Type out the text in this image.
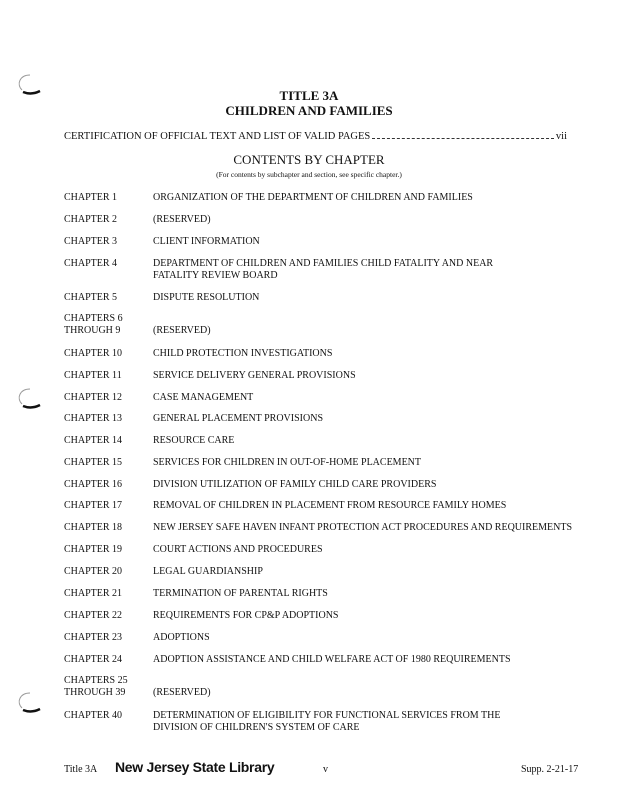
TITLE 3A
CHILDREN AND FAMILIES
CERTIFICATION OF OFFICIAL TEXT AND LIST OF VALID PAGES	vii
CONTENTS BY CHAPTER
(For contents by subchapter and section, see specific chapter.)
CHAPTER 1	ORGANIZATION OF THE DEPARTMENT OF CHILDREN AND FAMILIES
CHAPTER 2	(RESERVED)
CHAPTER 3	CLIENT INFORMATION
CHAPTER 4	DEPARTMENT OF CHILDREN AND FAMILIES CHILD FATALITY AND NEAR FATALITY REVIEW BOARD
CHAPTER 5	DISPUTE RESOLUTION
CHAPTERS 6 THROUGH 9	(RESERVED)
CHAPTER 10	CHILD PROTECTION INVESTIGATIONS
CHAPTER 11	SERVICE DELIVERY GENERAL PROVISIONS
CHAPTER 12	CASE MANAGEMENT
CHAPTER 13	GENERAL PLACEMENT PROVISIONS
CHAPTER 14	RESOURCE CARE
CHAPTER 15	SERVICES FOR CHILDREN IN OUT-OF-HOME PLACEMENT
CHAPTER 16	DIVISION UTILIZATION OF FAMILY CHILD CARE PROVIDERS
CHAPTER 17	REMOVAL OF CHILDREN IN PLACEMENT FROM RESOURCE FAMILY HOMES
CHAPTER 18	NEW JERSEY SAFE HAVEN INFANT PROTECTION ACT PROCEDURES AND REQUIREMENTS
CHAPTER 19	COURT ACTIONS AND PROCEDURES
CHAPTER 20	LEGAL GUARDIANSHIP
CHAPTER 21	TERMINATION OF PARENTAL RIGHTS
CHAPTER 22	REQUIREMENTS FOR CP&P ADOPTIONS
CHAPTER 23	ADOPTIONS
CHAPTER 24	ADOPTION ASSISTANCE AND CHILD WELFARE ACT OF 1980 REQUIREMENTS
CHAPTERS 25 THROUGH 39	(RESERVED)
CHAPTER 40	DETERMINATION OF ELIGIBILITY FOR FUNCTIONAL SERVICES FROM THE DIVISION OF CHILDREN'S SYSTEM OF CARE
Title 3A New Jersey State Library	v	Supp. 2-21-17
